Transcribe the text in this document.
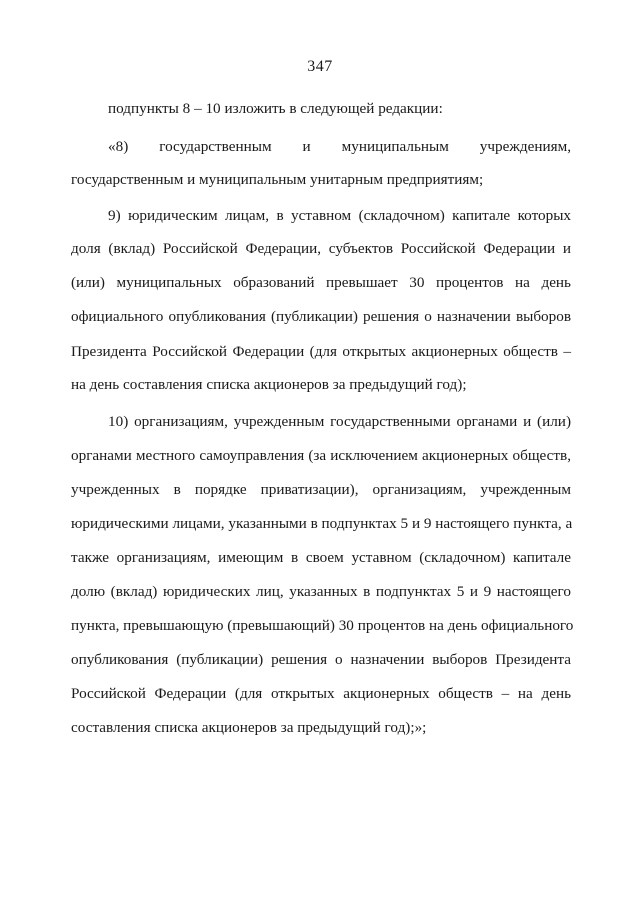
347
подпункты 8 – 10 изложить в следующей редакции:
«8) государственным и муниципальным учреждениям,
государственным и муниципальным унитарным предприятиям;
9) юридическим лицам, в уставном (складочном) капитале которых
доля (вклад) Российской Федерации, субъектов Российской Федерации и
(или) муниципальных образований превышает 30 процентов на день
официального опубликования (публикации) решения о назначении выборов
Президента Российской Федерации (для открытых акционерных обществ –
на день составления списка акционеров за предыдущий год);
10) организациям, учрежденным государственными органами и (или)
органами местного самоуправления (за исключением акционерных обществ,
учрежденных в порядке приватизации), организациям, учрежденным
юридическими лицами, указанными в подпунктах 5 и 9 настоящего пункта, а
также организациям, имеющим в своем уставном (складочном) капитале
долю (вклад) юридических лиц, указанных в подпунктах 5 и 9 настоящего
пункта, превышающую (превышающий) 30 процентов на день официального
опубликования (публикации) решения о назначении выборов Президента
Российской Федерации (для открытых акционерных обществ – на день
составления списка акционеров за предыдущий год);»;
